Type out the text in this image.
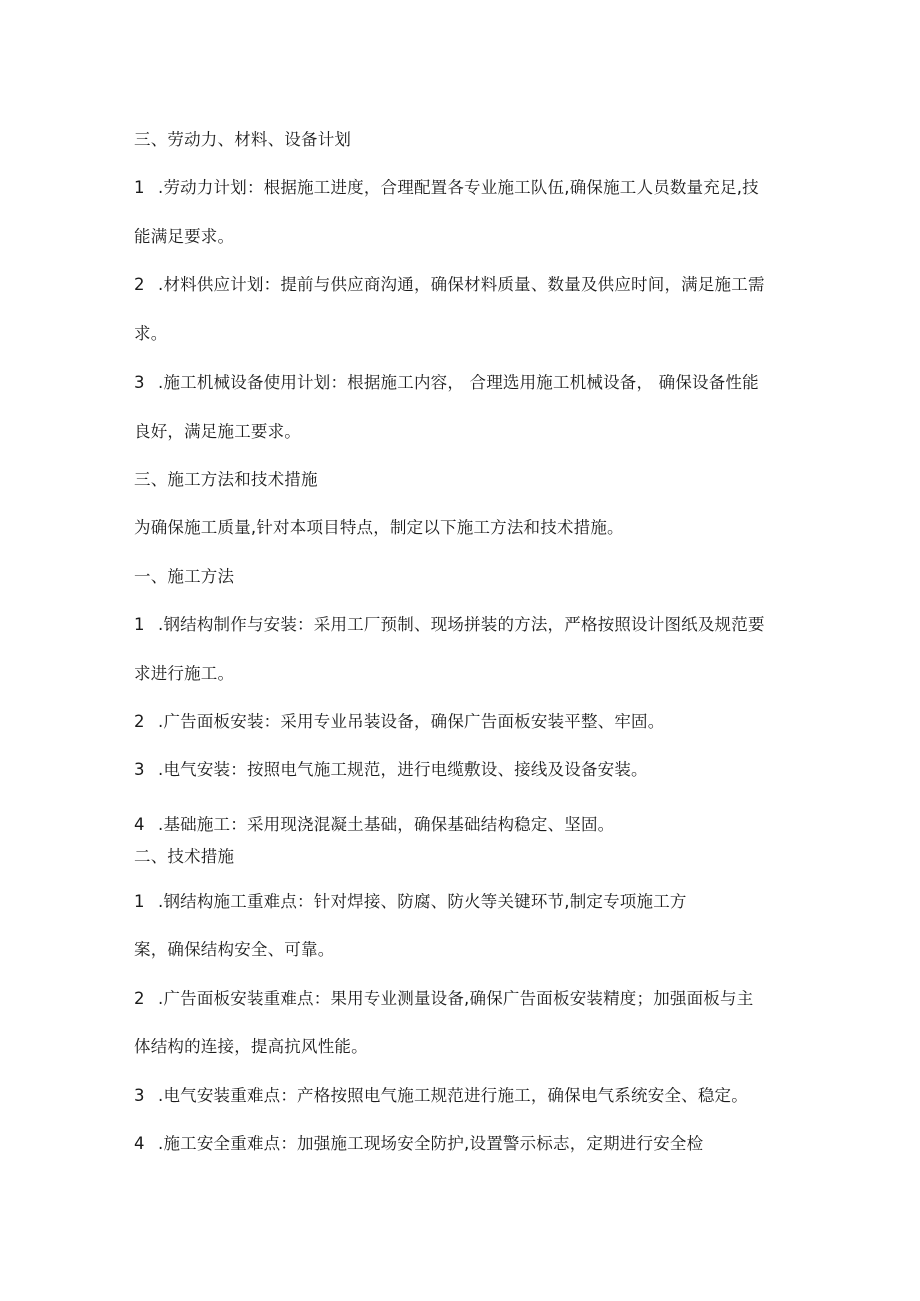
三、劳动力、材料、设备计划
1 .劳动力计划：根据施工进度，合理配置各专业施工队伍,确保施工人员数量充足,技
能满足要求。
2 .材料供应计划：提前与供应商沟通，确保材料质量、数量及供应时间，满足施工需
求。
3 .施工机械设备使用计划：根据施工内容， 合理选用施工机械设备， 确保设备性能
良好，满足施工要求。
三、施工方法和技术措施
为确保施工质量,针对本项目特点，制定以下施工方法和技术措施。
一、施工方法
1 .钢结构制作与安装：采用工厂预制、现场拼装的方法，严格按照设计图纸及规范要
求进行施工。
2 .广告面板安装：采用专业吊装设备，确保广告面板安装平整、牢固。
3 .电气安装：按照电气施工规范，进行电缆敷设、接线及设备安装。
4 .基础施工：采用现浇混凝土基础，确保基础结构稳定、坚固。
二、技术措施
1 .钢结构施工重难点：针对焊接、防腐、防火等关键环节,制定专项施工方
案，确保结构安全、可靠。
2 .广告面板安装重难点：果用专业测量设备,确保广告面板安装精度；加强面板与主
体结构的连接，提高抗风性能。
3 .电气安装重难点：产格按照电气施工规范进行施工，确保电气系统安全、稳定。
4 .施工安全重难点：加强施工现场安全防护,设置警示标志，定期进行安全检
